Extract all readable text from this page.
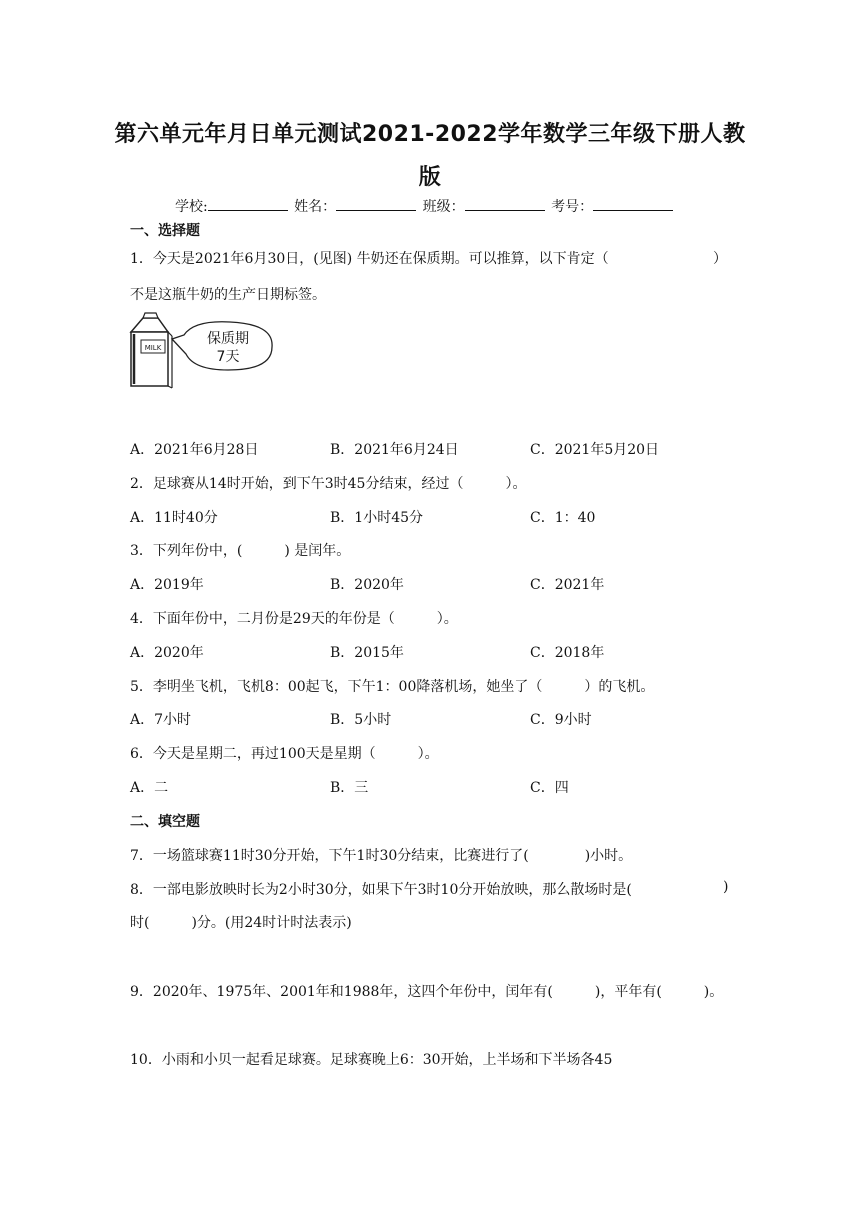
第六单元年月日单元测试2021-2022学年数学三年级下册人教
版
学校:	姓名：	班级：	考号：
一、选择题
1．今天是2021年6月30日，(见图) 牛奶还在保质期。可以推算，以下肯定（	）
不是这瓶牛奶的生产日期标签。
MILK
保质期
7天
A．2021年6月28日	B．2021年6月24日	C．2021年5月20日
2．足球赛从14时开始，到下午3时45分结束，经过（　　　）。
A．11时40分	B．1小时45分	C．1：40
3．下列年份中，(　　　) 是闰年。
A．2019年	B．2020年	C．2021年
4．下面年份中，二月份是29天的年份是（　　　）。
A．2020年	B．2015年	C．2018年
5．李明坐飞机，飞机8：00起飞，下午1：00降落机场，她坐了（　　　）的飞机。
A．7小时	B．5小时	C．9小时
6．今天是星期二，再过100天是星期（　　　）。
A．二	B．三	C．四
二、填空题
7．一场篮球赛11时30分开始，下午1时30分结束，比赛进行了(　　　　)小时。
8．一部电影放映时长为2小时30分，如果下午3时10分开始放映，那么散场时是(	)
时(　　　)分。(用24时计时法表示)
9．2020年、1975年、2001年和1988年，这四个年份中，闰年有(　　　)，平年有(　　　)。
10．小雨和小贝一起看足球赛。足球赛晚上6：30开始，上半场和下半场各45
